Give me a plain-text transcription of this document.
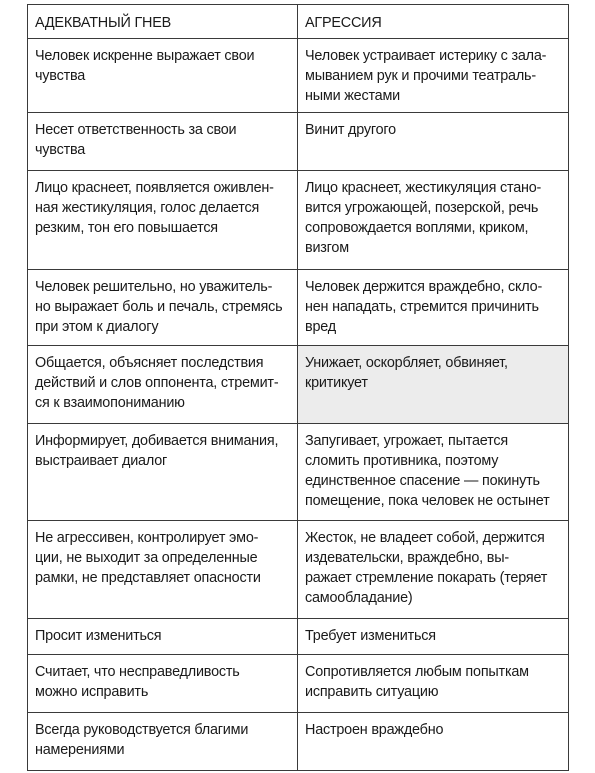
АДЕКВАТНЫЙ ГНЕВ	АГРЕССИЯ

Человек искренне выражает свои
чувства	Человек устраивает истерику с зала-
мыванием рук и прочими театраль-
ными жестами

Несет ответственность за свои
чувства	Винит другого

Лицо краснеет, появляется оживлен-
ная жестикуляция, голос делается
резким, тон его повышается	Лицо краснеет, жестикуляция стано-
вится угрожающей, позерской, речь
сопровождается воплями, криком,
визгом

Человек решительно, но уважитель-
но выражает боль и печаль, стремясь
при этом к диалогу	Человек держится враждебно, скло-
нен нападать, стремится причинить
вред

Общается, объясняет последствия
действий и слов оппонента, стремит-
ся к взаимопониманию	Унижает, оскорбляет, обвиняет,
критикует

Информирует, добивается внимания,
выстраивает диалог	Запугивает, угрожает, пытается
сломить противника, поэтому
единственное спасение — покинуть
помещение, пока человек не остынет

Не агрессивен, контролирует эмо-
ции, не выходит за определенные
рамки, не представляет опасности	Жесток, не владеет собой, держится
издевательски, враждебно, вы-
ражает стремление покарать (теряет
самообладание)

Просит измениться	Требует измениться

Считает, что несправедливость
можно исправить	Сопротивляется любым попыткам
исправить ситуацию

Всегда руководствуется благими
намерениями	Настроен враждебно
